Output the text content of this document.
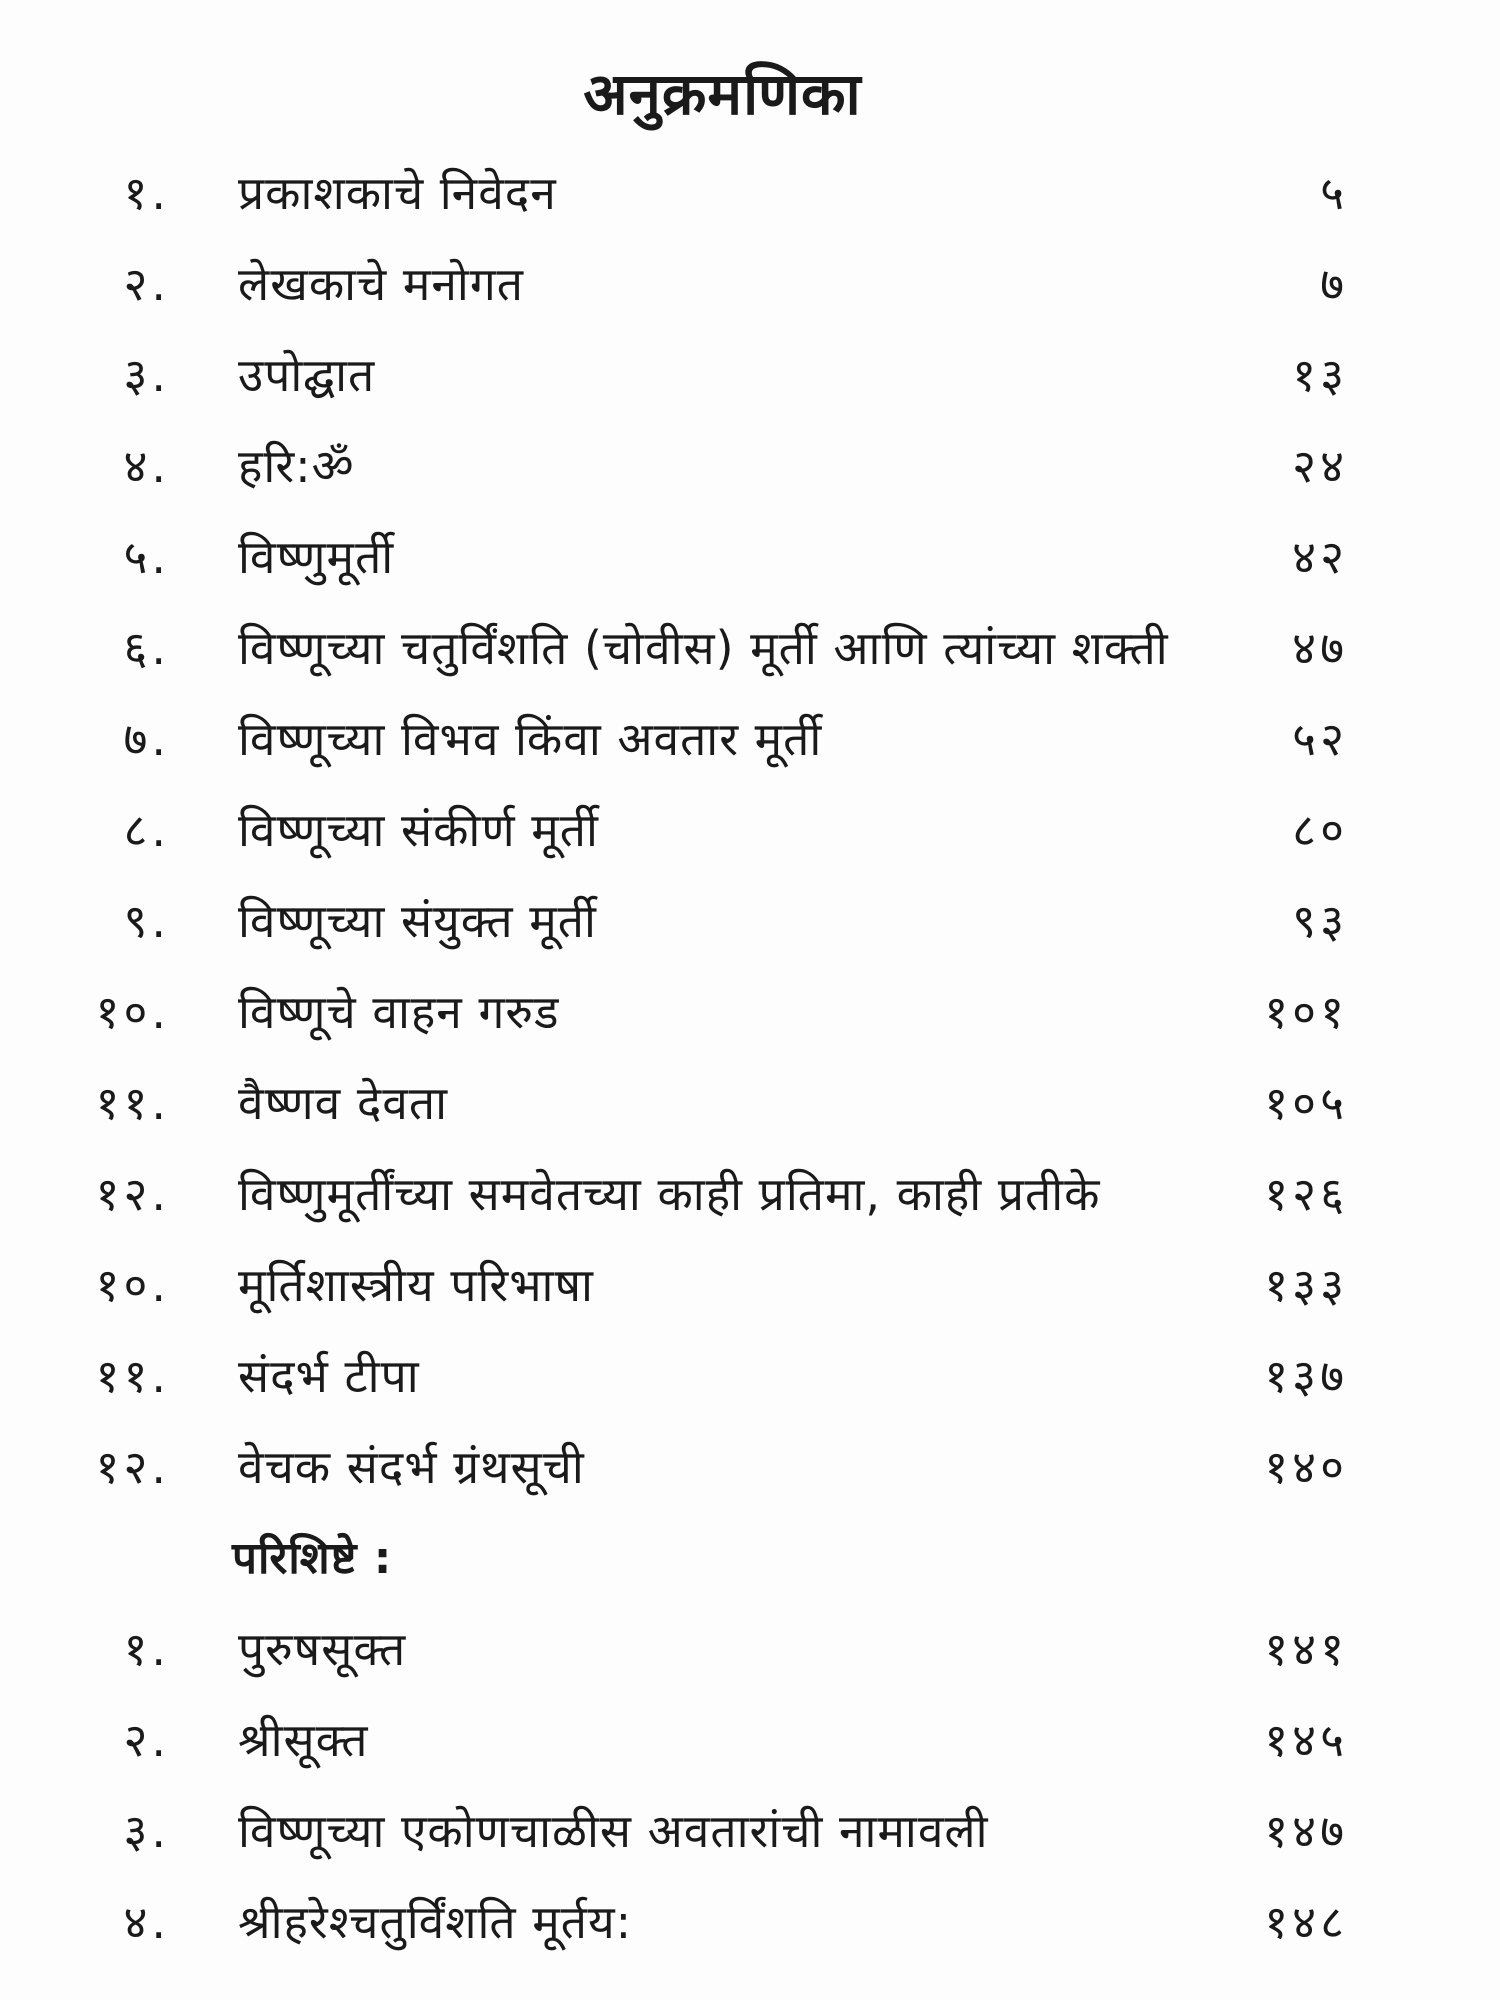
अनुक्रमणिका
१. प्रकाशकाचे निवेदन	५
२. लेखकाचे मनोगत	७
३. उपोद्घात	१३
४. हरि:ॐ	२४
५. विष्णुमूर्ती	४२
६. विष्णूच्या चतुर्विंशति (चोवीस) मूर्ती आणि त्यांच्या शक्ती	४७
७. विष्णूच्या विभव किंवा अवतार मूर्ती	५२
८. विष्णूच्या संकीर्ण मूर्ती	८०
९. विष्णूच्या संयुक्त मूर्ती	९३
१०. विष्णूचे वाहन गरुड	१०१
११. वैष्णव देवता	१०५
१२. विष्णुमूर्तींच्या समवेतच्या काही प्रतिमा, काही प्रतीके	१२६
१०. मूर्तिशास्त्रीय परिभाषा	१३३
११. संदर्भ टीपा	१३७
१२. वेचक संदर्भ ग्रंथसूची	१४०
परिशिष्टे :
१. पुरुषसूक्त	१४१
२. श्रीसूक्त	१४५
३. विष्णूच्या एकोणचाळीस अवतारांची नामावली	१४७
४. श्रीहरेश्चतुर्विंशति मूर्तय:	१४८
